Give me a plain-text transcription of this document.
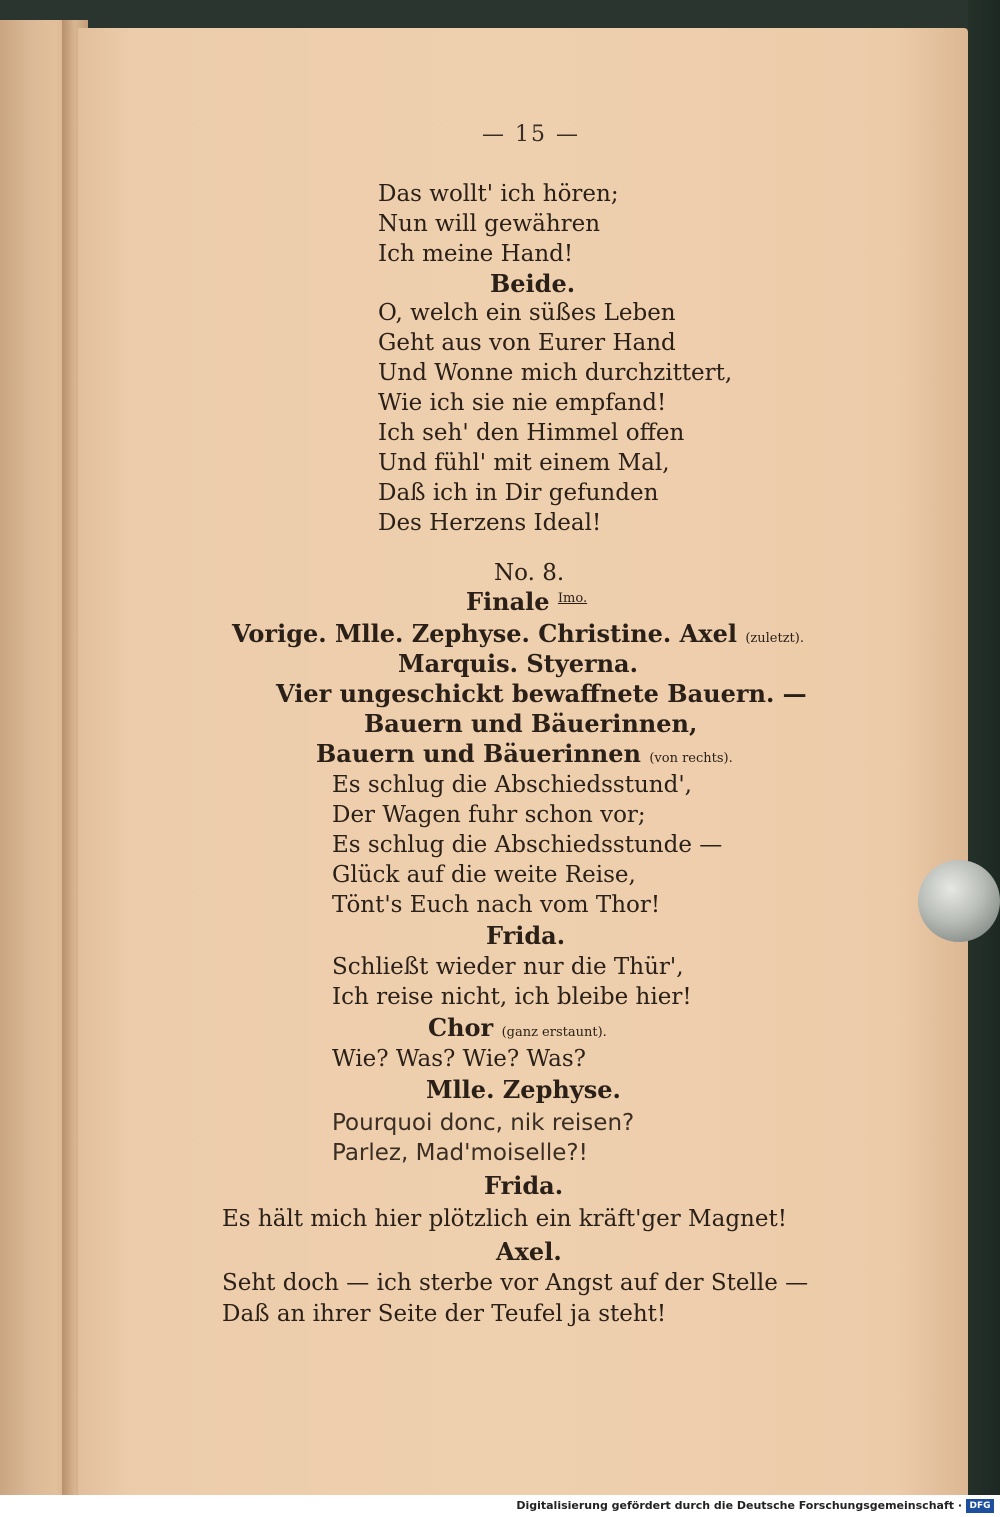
— 15 —
Das wollt' ich hören;
Nun will gewähren
Ich meine Hand!
Beide.
O, welch ein süßes Leben
Geht aus von Eurer Hand
Und Wonne mich durchzittert,
Wie ich sie nie empfand!
Ich seh' den Himmel offen
Und fühl' mit einem Mal,
Daß ich in Dir gefunden
Des Herzens Ideal!
No. 8.
Finale $^{Imo.}$
Vorige. Mlle. Zephyse. Christine. Axel (zuletzt).
Marquis. Styerna.
Vier ungeschickt bewaffnete Bauern. —
Bauern und Bäuerinnen,
Bauern und Bäuerinnen (von rechts).
Es schlug die Abschiedsstund',
Der Wagen fuhr schon vor;
Es schlug die Abschiedsstunde —
Glück auf die weite Reise,
Tönt's Euch nach vom Thor!
Frida.
Schließt wieder nur die Thür',
Ich reise nicht, ich bleibe hier!
Chor (ganz erstaunt).
Wie? Was? Wie? Was?
Mlle. Zephyse.
Pourquoi donc, nik reisen?
Parlez, Mad'moiselle?!
Frida.
Es hält mich hier plötzlich ein kräft'ger Magnet!
Axel.
Seht doch — ich sterbe vor Angst auf der Stelle —
Daß an ihrer Seite der Teufel ja steht!
Digitalisierung gefördert durch die Deutsche Forschungsgemeinschaft · DFG
